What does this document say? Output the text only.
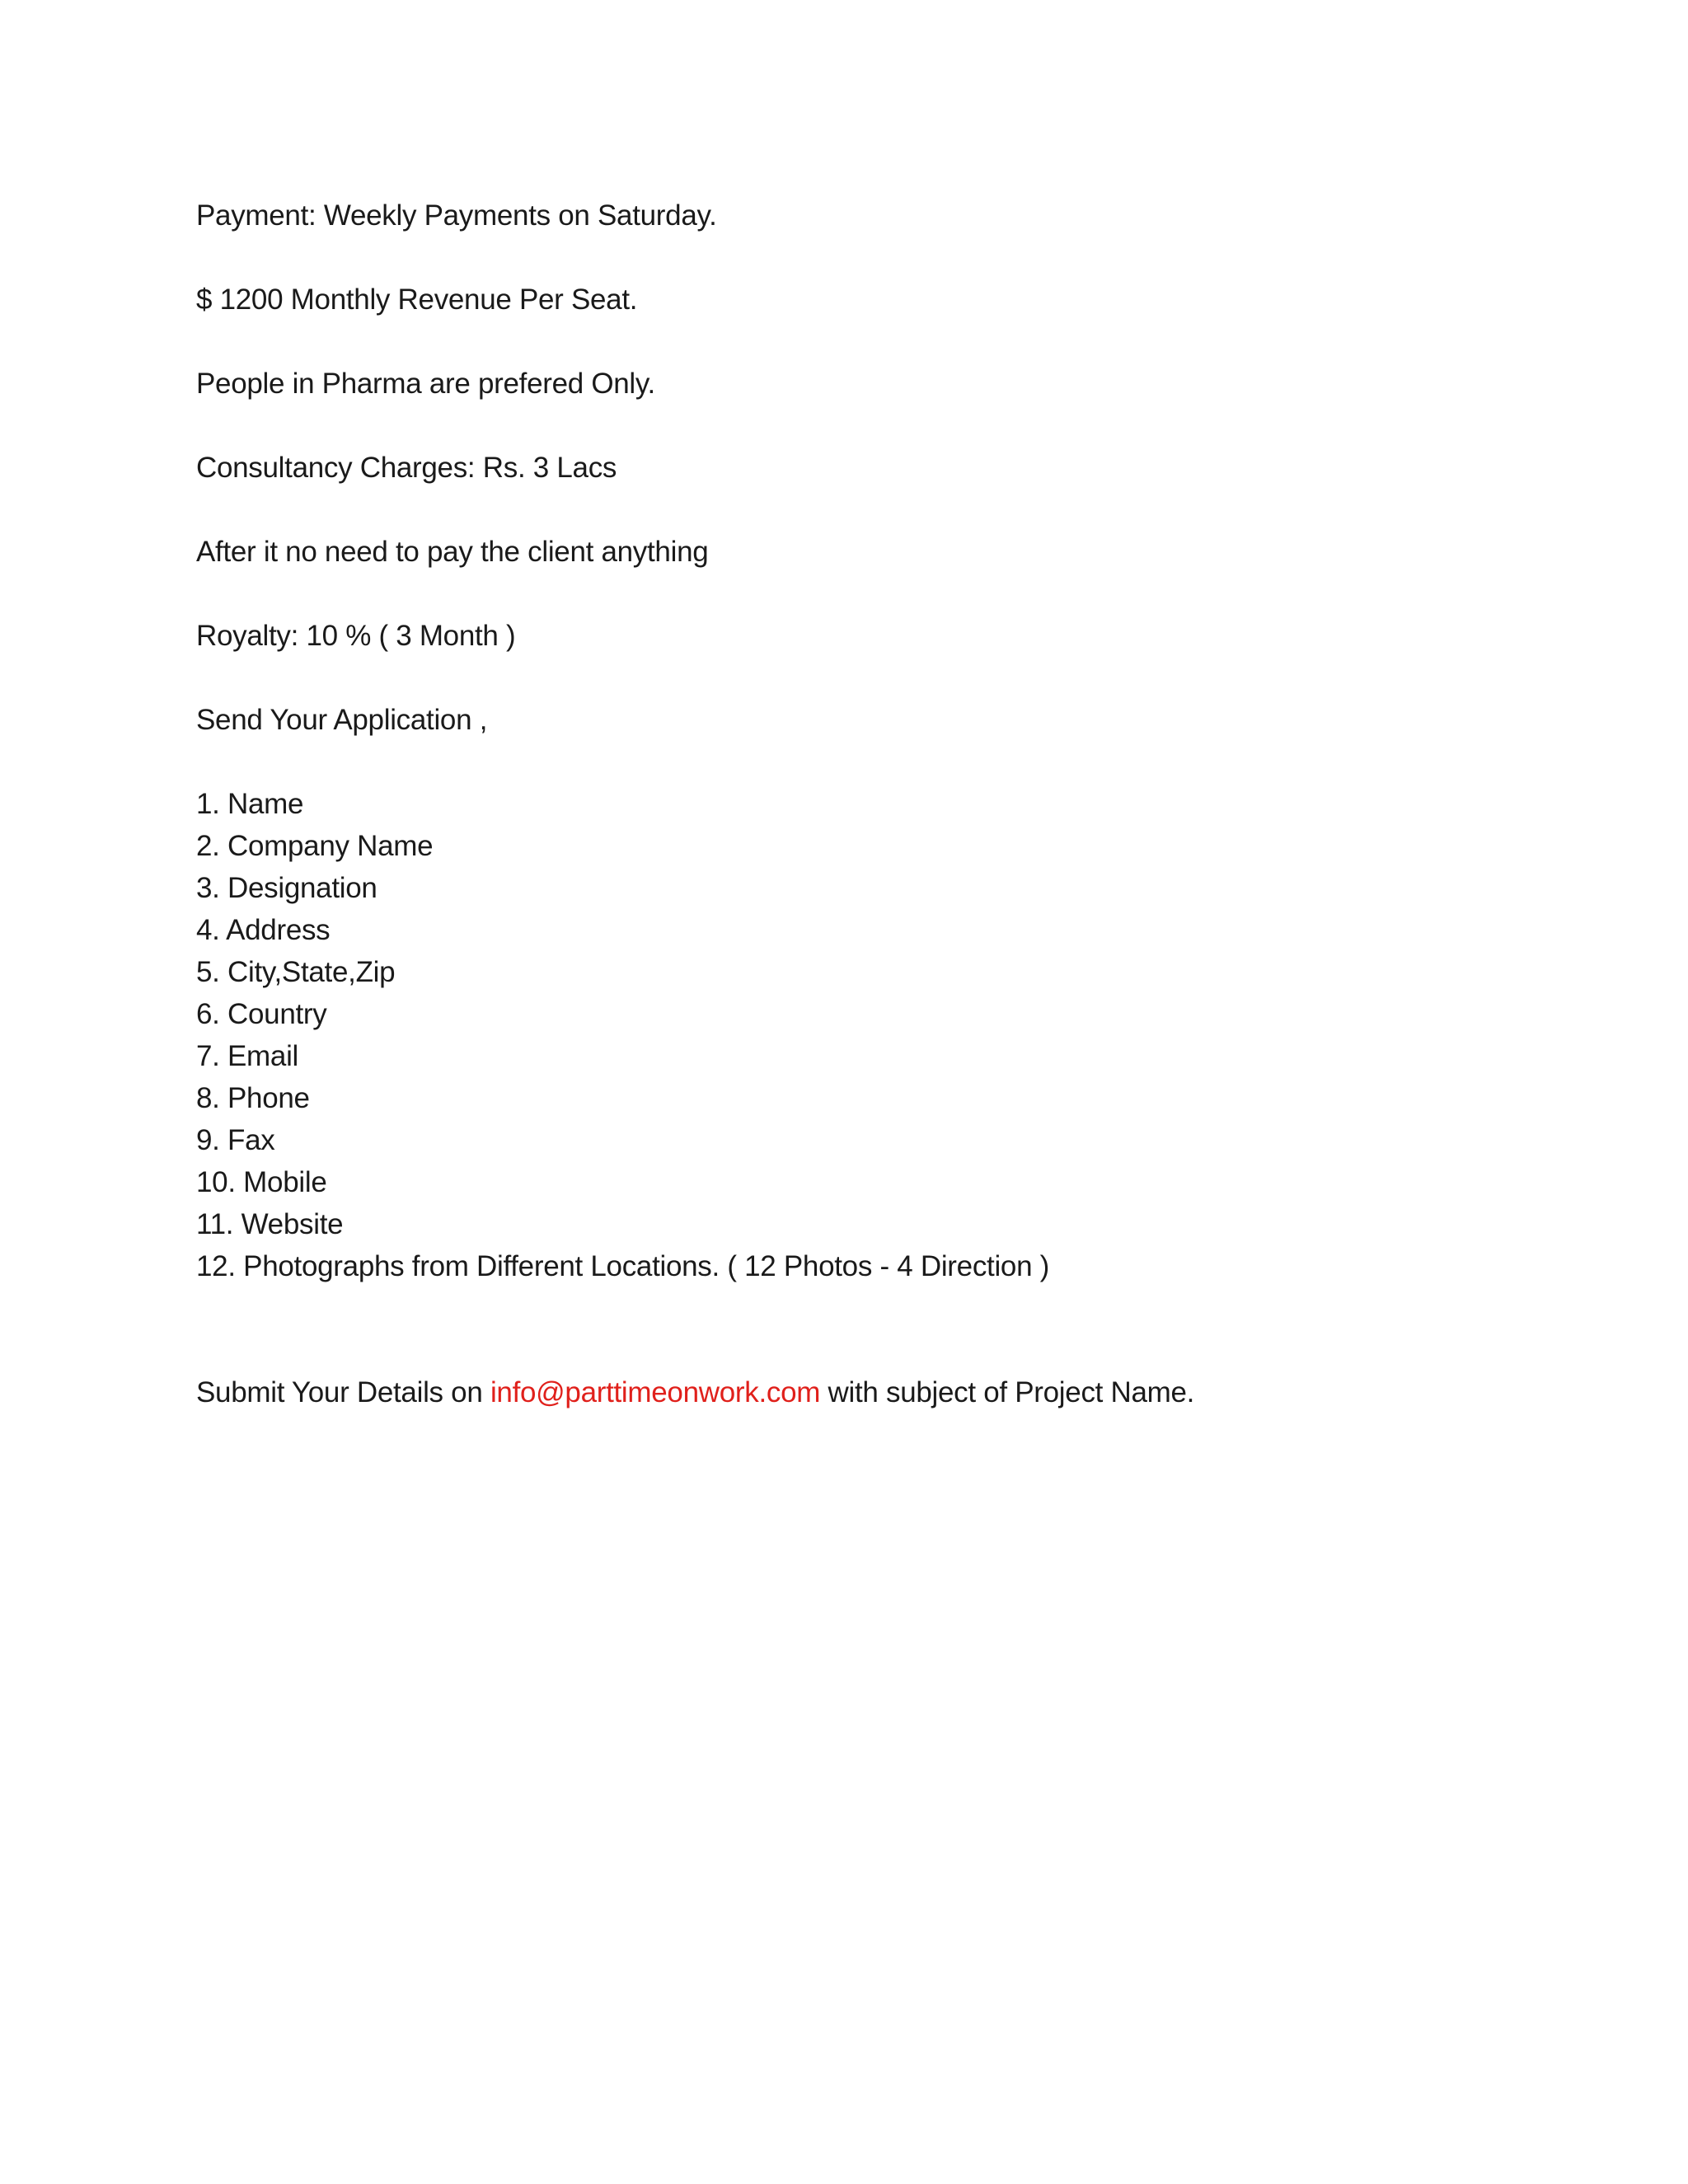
Payment: Weekly Payments on Saturday.

$ 1200 Monthly Revenue Per Seat.

People in Pharma are prefered Only.

Consultancy Charges: Rs. 3 Lacs

After it no need to pay the client anything

Royalty: 10 % ( 3 Month )

Send Your Application ,

1. Name
2. Company Name
3. Designation
4. Address
5. City,State,Zip
6. Country
7. Email
8. Phone
9. Fax
10. Mobile
11. Website
12. Photographs from Different Locations. ( 12 Photos - 4 Direction )

Submit Your Details on info@parttimeonwork.com with subject of Project Name.
